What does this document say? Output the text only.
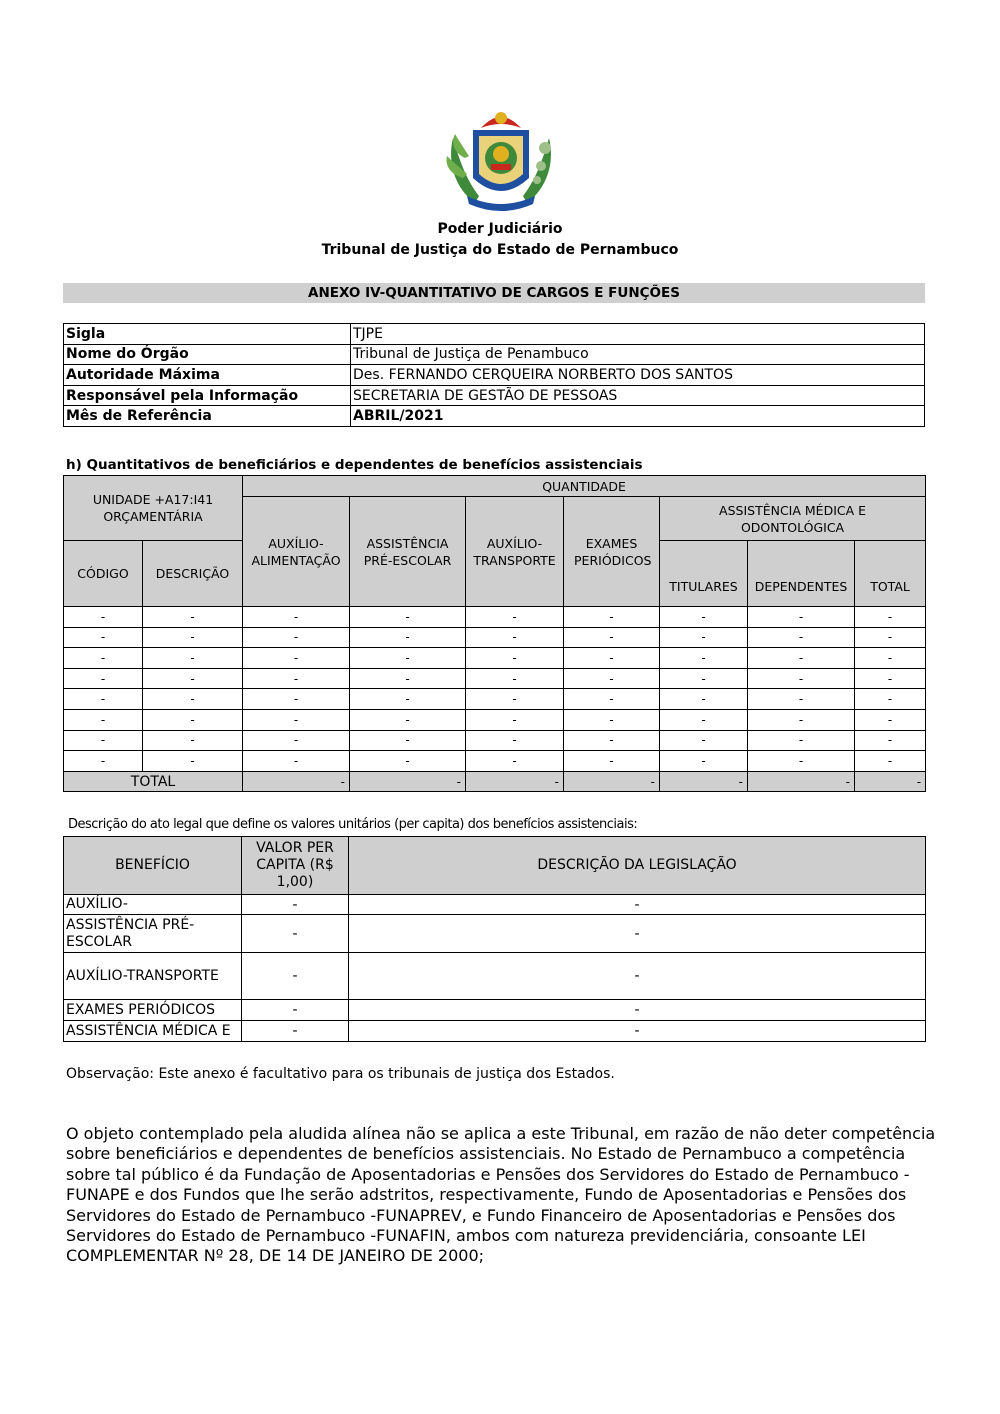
Poder Judiciário
Tribunal de Justiça do Estado de Pernambuco
ANEXO IV-QUANTITATIVO DE CARGOS E FUNÇÕES
Sigla	TJPE
Nome do Órgão	Tribunal de Justiça de Penambuco
Autoridade Máxima	Des. FERNANDO CERQUEIRA NORBERTO DOS SANTOS
Responsável pela Informação	SECRETARIA DE GESTÃO DE PESSOAS
Mês de Referência	ABRIL/2021
h) Quantitativos de beneficiários e dependentes de benefícios assistenciais
UNIDADE +A17:I41 ORÇAMENTÁRIA		QUANTIDADE						
		AUXÍLIO-ALIMENTAÇÃO	ASSISTÊNCIA PRÉ-ESCOLAR	AUXÍLIO-TRANSPORTE	EXAMES PERIÓDICOS	ASSISTÊNCIA MÉDICA E ODONTOLÓGICA		
CÓDIGO	DESCRIÇÃO					TITULARES	DEPENDENTES	TOTAL
-	-	-	-	-	-	-	-	-
-	-	-	-	-	-	-	-	-
-	-	-	-	-	-	-	-	-
-	-	-	-	-	-	-	-	-
-	-	-	-	-	-	-	-	-
-	-	-	-	-	-	-	-	-
-	-	-	-	-	-	-	-	-
-	-	-	-	-	-	-	-	-
TOTAL		-	-	-	-	-	-	-
Descrição do ato legal que define os valores unitários (per capita) dos benefícios assistenciais:
BENEFÍCIO	VALOR PER CAPITA (R$ 1,00)	DESCRIÇÃO DA LEGISLAÇÃO
AUXÍLIO-	-	-
ASSISTÊNCIA PRÉ-ESCOLAR	-	-
AUXÍLIO-TRANSPORTE	-	-
EXAMES PERIÓDICOS	-	-
ASSISTÊNCIA MÉDICA E	-	-
Observação: Este anexo é facultativo para os tribunais de justiça dos Estados.
O objeto contemplado pela aludida alínea não se aplica a este Tribunal, em razão de não deter competência sobre beneficiários e dependentes de benefícios assistenciais. No Estado de Pernambuco a competência sobre tal público é da Fundação de Aposentadorias e Pensões dos Servidores do Estado de Pernambuco -FUNAPE e dos Fundos que lhe serão adstritos, respectivamente, Fundo de Aposentadorias e Pensões dos Servidores do Estado de Pernambuco -FUNAPREV, e Fundo Financeiro de Aposentadorias e Pensões dos Servidores do Estado de Pernambuco -FUNAFIN, ambos com natureza previdenciária, consoante LEI COMPLEMENTAR Nº 28, DE 14 DE JANEIRO DE 2000;
